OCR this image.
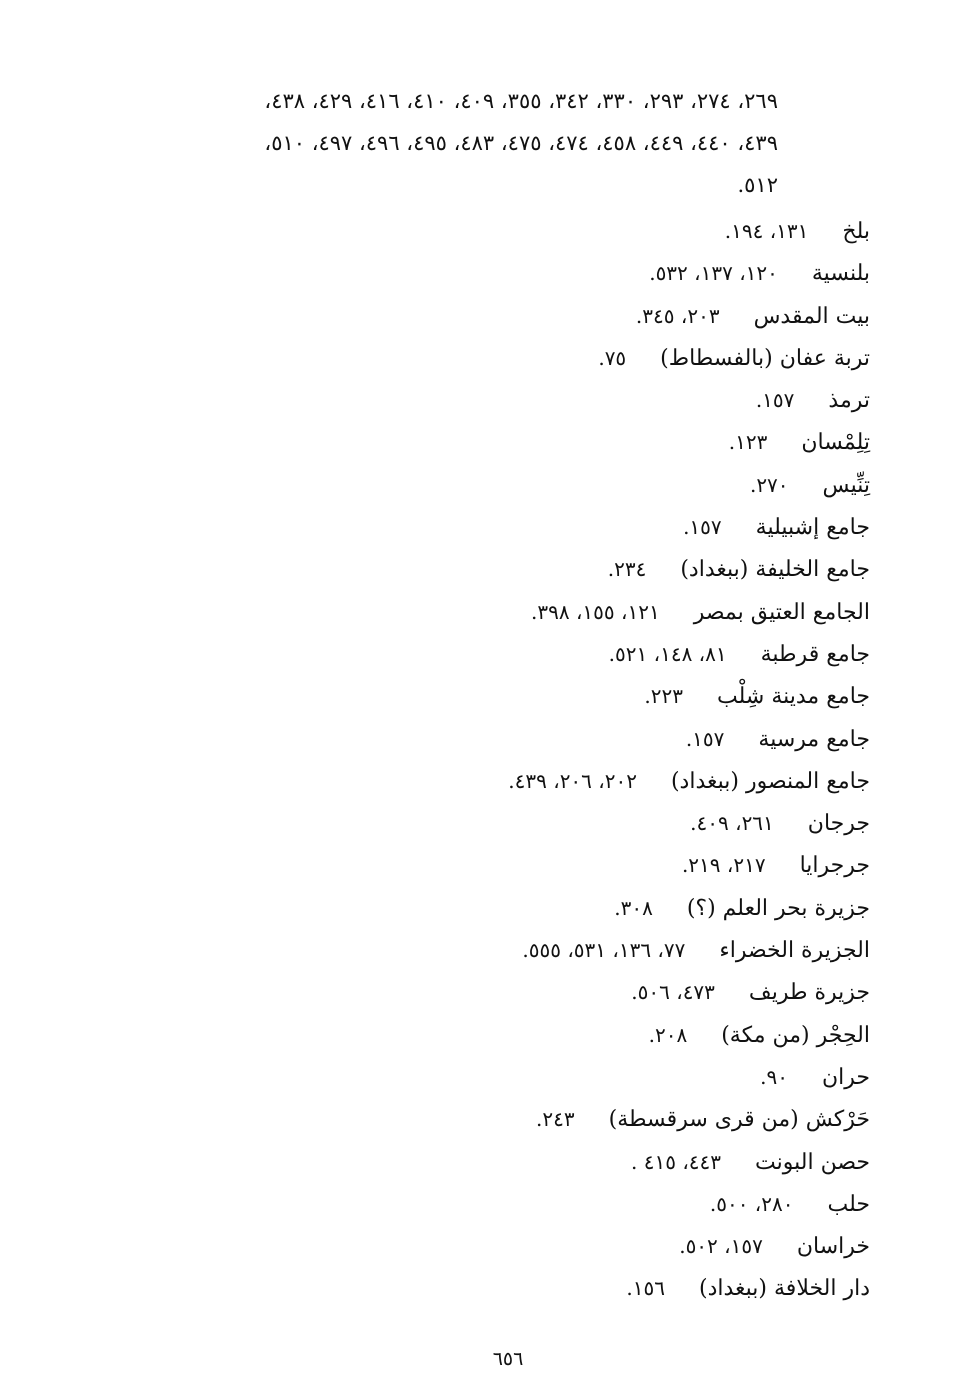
٢٦٩، ٢٧٤، ٢٩٣، ٣٣٠، ٣٤٢، ٣٥٥، ٤٠٩، ٤١٠، ٤١٦، ٤٢٩، ٤٣٨،
٤٣٩، ٤٤٠، ٤٤٩، ٤٥٨، ٤٧٤، ٤٧٥، ٤٨٣، ٤٩٥، ٤٩٦، ٤٩٧، ٥١٠،
٥١٢.
بلخ١٣١، ١٩٤.
بلنسية١٢٠، ١٣٧، ٥٣٢.
بيت المقدس٢٠٣، ٣٤٥.
تربة عفان (بالفسطاط)٧٥.
ترمذ١٥٧.
تِلِمْسان١٢٣.
تِنِّيس٢٧٠.
جامع إشبيلية١٥٧.
جامع الخليفة (ببغداد)٢٣٤.
الجامع العتيق بمصر١٢١، ١٥٥، ٣٩٨.
جامع قرطبة٨١، ١٤٨، ٥٢١.
جامع مدينة شِلْب٢٢٣.
جامع مرسية١٥٧.
جامع المنصور (ببغداد)٢٠٢، ٢٠٦، ٤٣٩.
جرجان٢٦١، ٤٠٩.
جرجرايا٢١٧، ٢١٩.
جزيرة بحر العلم (؟)٣٠٨.
الجزيرة الخضراء٧٧، ١٣٦، ٥٣١، ٥٥٥.
جزيرة طريف٤٧٣، ٥٠٦.
الحِجْر (من مكة)٢٠٨.
حران٩٠.
حَرْكش (من قرى سرقسطة)٢٤٣.
حصن البونت٤٤٣، ٤١٥ .
حلب٢٨٠، ٥٠٠.
خراسان١٥٧، ٥٠٢.
دار الخلافة (ببغداد)١٥٦.
٦٥٦
